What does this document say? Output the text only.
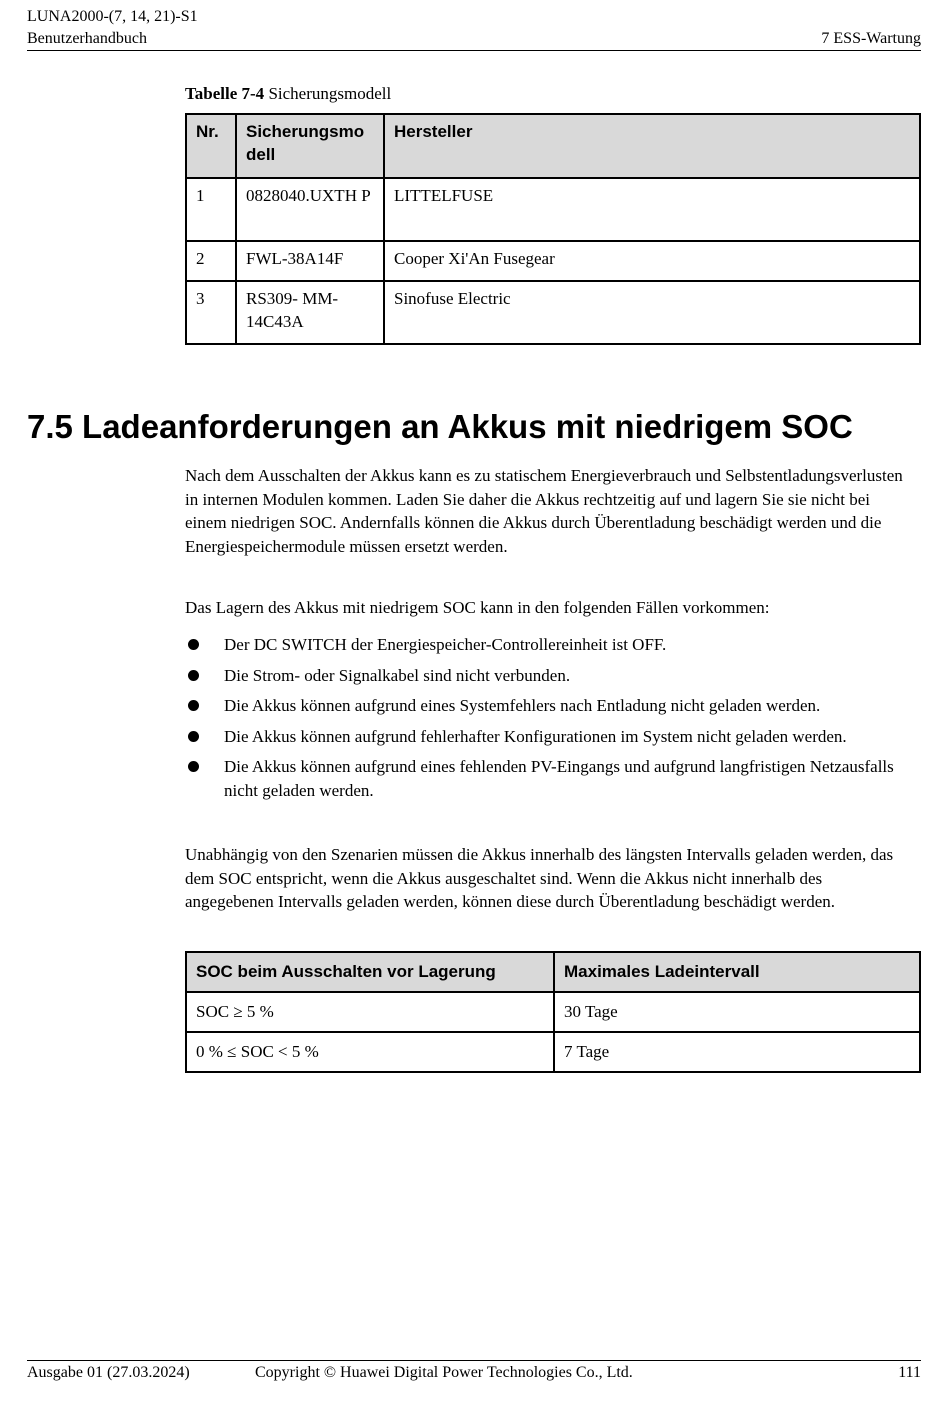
LUNA2000-(7, 14, 21)-S1
Benutzerhandbuch	7 ESS-Wartung
Tabelle 7-4 Sicherungsmodell
Nr.	Sicherungsmo dell	Hersteller
1	0828040.UXTH P	LITTELFUSE
2	FWL-38A14F	Cooper Xi'An Fusegear
3	RS309- MM-14C43A	Sinofuse Electric
7.5 Ladeanforderungen an Akkus mit niedrigem SOC

Nach dem Ausschalten der Akkus kann es zu statischem Energieverbrauch und Selbstentladungsverlusten in internen Modulen kommen. Laden Sie daher die Akkus rechtzeitig auf und lagern Sie sie nicht bei einem niedrigen SOC. Andernfalls können die Akkus durch Überentladung beschädigt werden und die Energiespeichermodule müssen ersetzt werden.

Das Lagern des Akkus mit niedrigem SOC kann in den folgenden Fällen vorkommen:

Der DC SWITCH der Energiespeicher-Controllereinheit ist OFF.
Die Strom- oder Signalkabel sind nicht verbunden.
Die Akkus können aufgrund eines Systemfehlers nach Entladung nicht geladen werden.
Die Akkus können aufgrund fehlerhafter Konfigurationen im System nicht geladen werden.
Die Akkus können aufgrund eines fehlenden PV-Eingangs und aufgrund langfristigen Netzausfalls nicht geladen werden.

Unabhängig von den Szenarien müssen die Akkus innerhalb des längsten Intervalls geladen werden, das dem SOC entspricht, wenn die Akkus ausgeschaltet sind. Wenn die Akkus nicht innerhalb des angegebenen Intervalls geladen werden, können diese durch Überentladung beschädigt werden.

SOC beim Ausschalten vor Lagerung	Maximales Ladeintervall
SOC ≥ 5 %	30 Tage
0 % ≤ SOC < 5 %	7 Tage
Ausgabe 01 (27.03.2024)	Copyright © Huawei Digital Power Technologies Co., Ltd.	111
